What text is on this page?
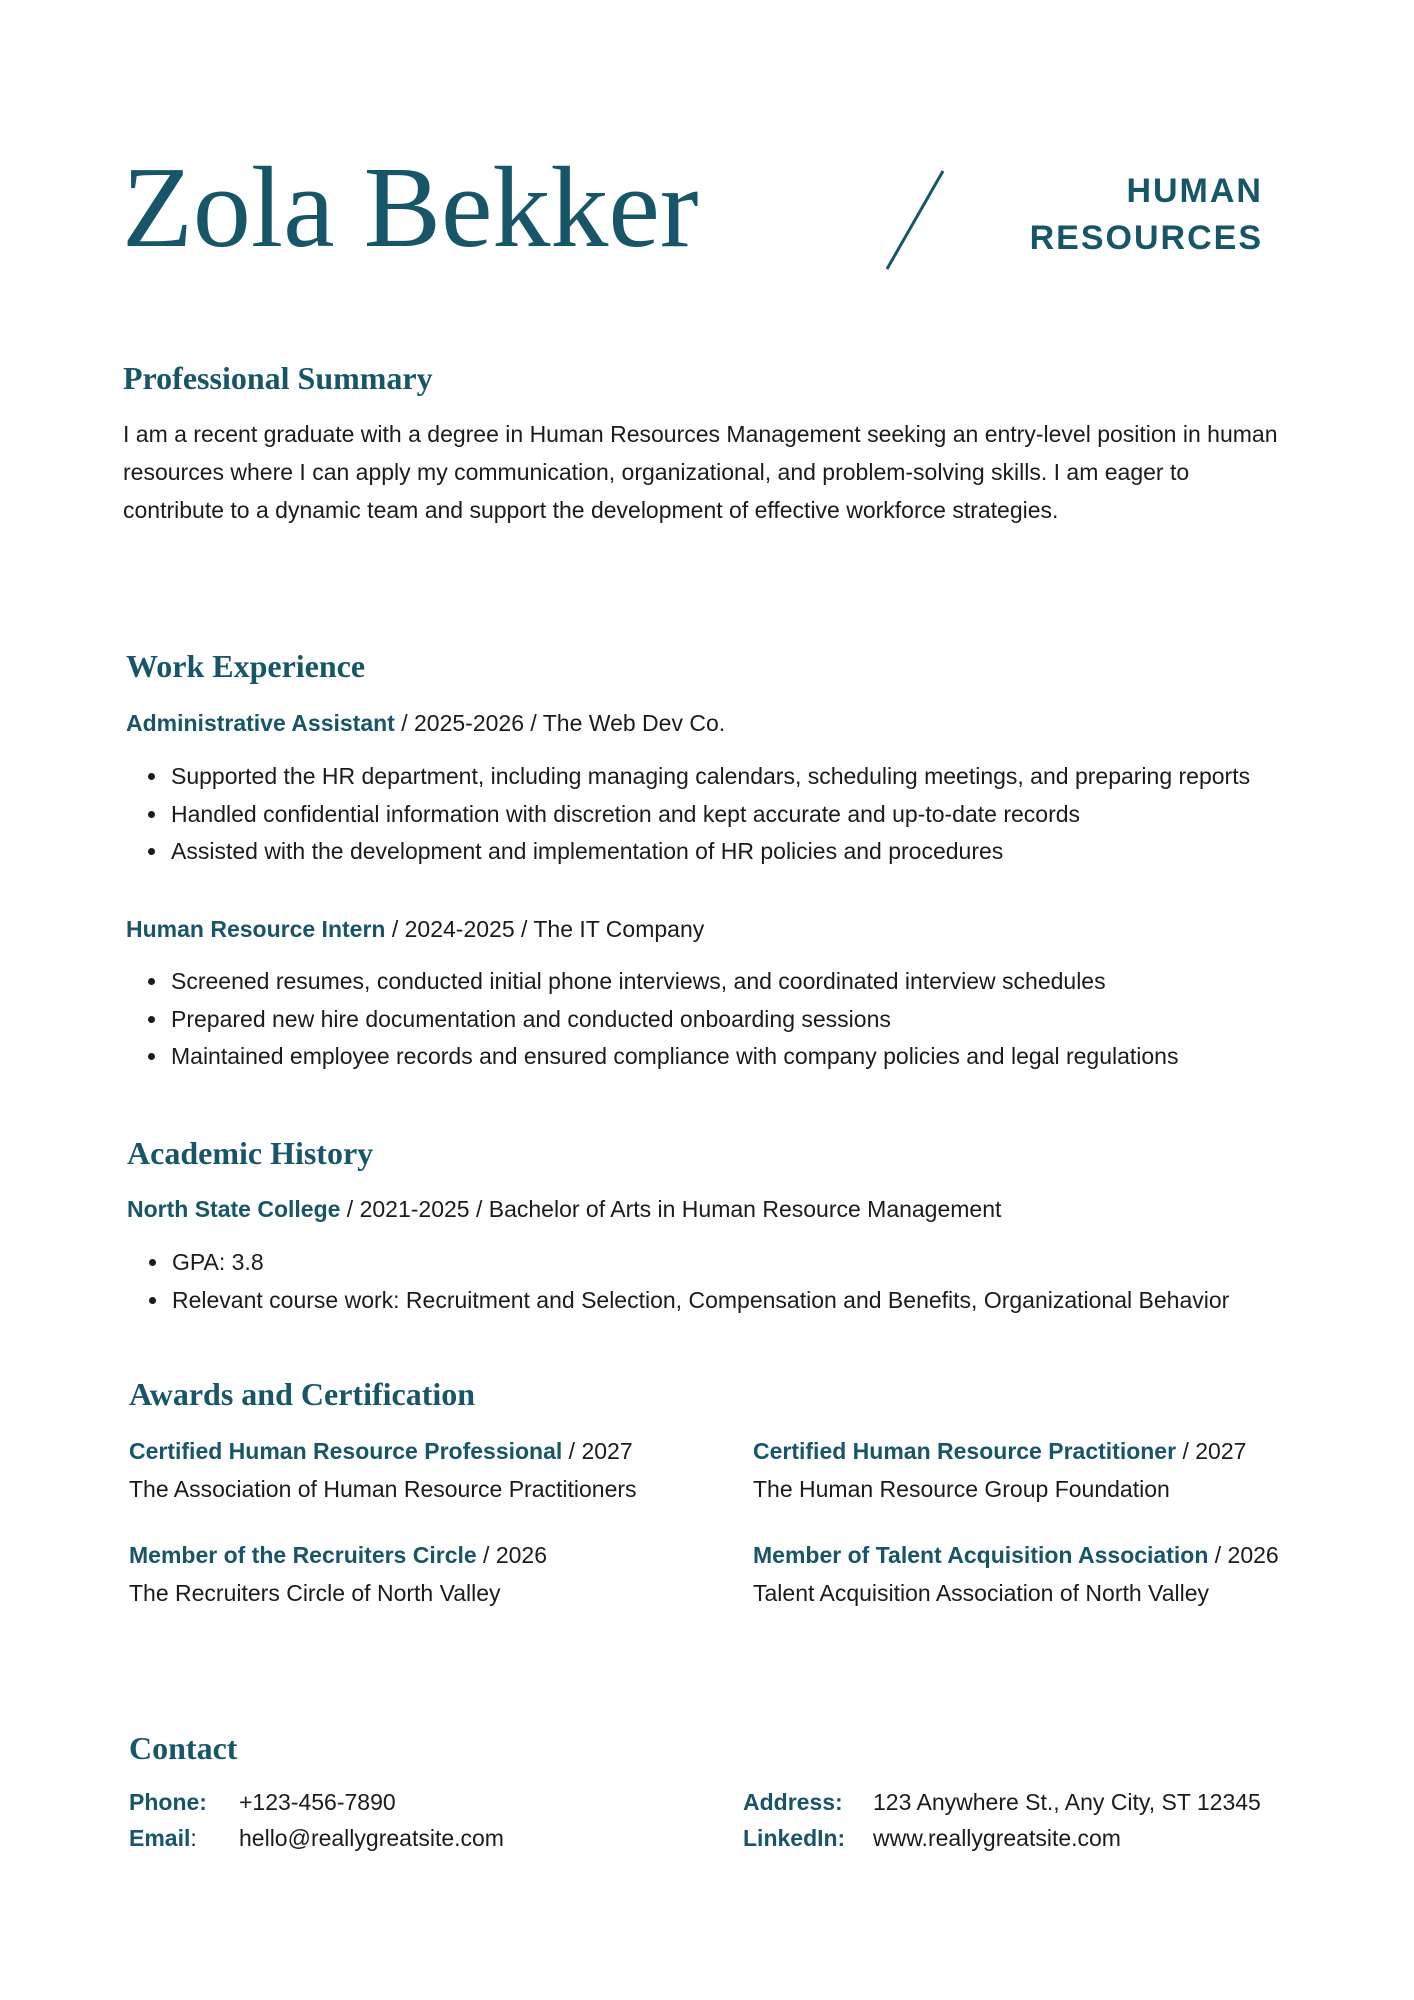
Zola Bekker	HUMAN
RESOURCES
Professional Summary

I am a recent graduate with a degree in Human Resources Management seeking an entry-level position in human resources where I can apply my communication, organizational, and problem-solving skills. I am eager to contribute to a dynamic team and support the development of effective workforce strategies.

Work Experience
Administrative Assistant / 2025-2026 / The Web Dev Co.
• Supported the HR department, including managing calendars, scheduling meetings, and preparing reports
• Handled confidential information with discretion and kept accurate and up-to-date records
• Assisted with the development and implementation of HR policies and procedures
Human Resource Intern / 2024-2025 / The IT Company
• Screened resumes, conducted initial phone interviews, and coordinated interview schedules
• Prepared new hire documentation and conducted onboarding sessions
• Maintained employee records and ensured compliance with company policies and legal regulations
Academic History
North State College / 2021-2025 / Bachelor of Arts in Human Resource Management
• GPA: 3.8
• Relevant course work: Recruitment and Selection, Compensation and Benefits, Organizational Behavior
Awards and Certification
Certified Human Resource Professional / 2027
The Association of Human Resource Practitioners
Certified Human Resource Practitioner / 2027
The Human Resource Group Foundation
Member of the Recruiters Circle / 2026
The Recruiters Circle of North Valley
Member of Talent Acquisition Association / 2026
Talent Acquisition Association of North Valley
Contact
Phone: +123-456-7890
Email: hello@reallygreatsite.com
Address: 123 Anywhere St., Any City, ST 12345
LinkedIn: www.reallygreatsite.com
